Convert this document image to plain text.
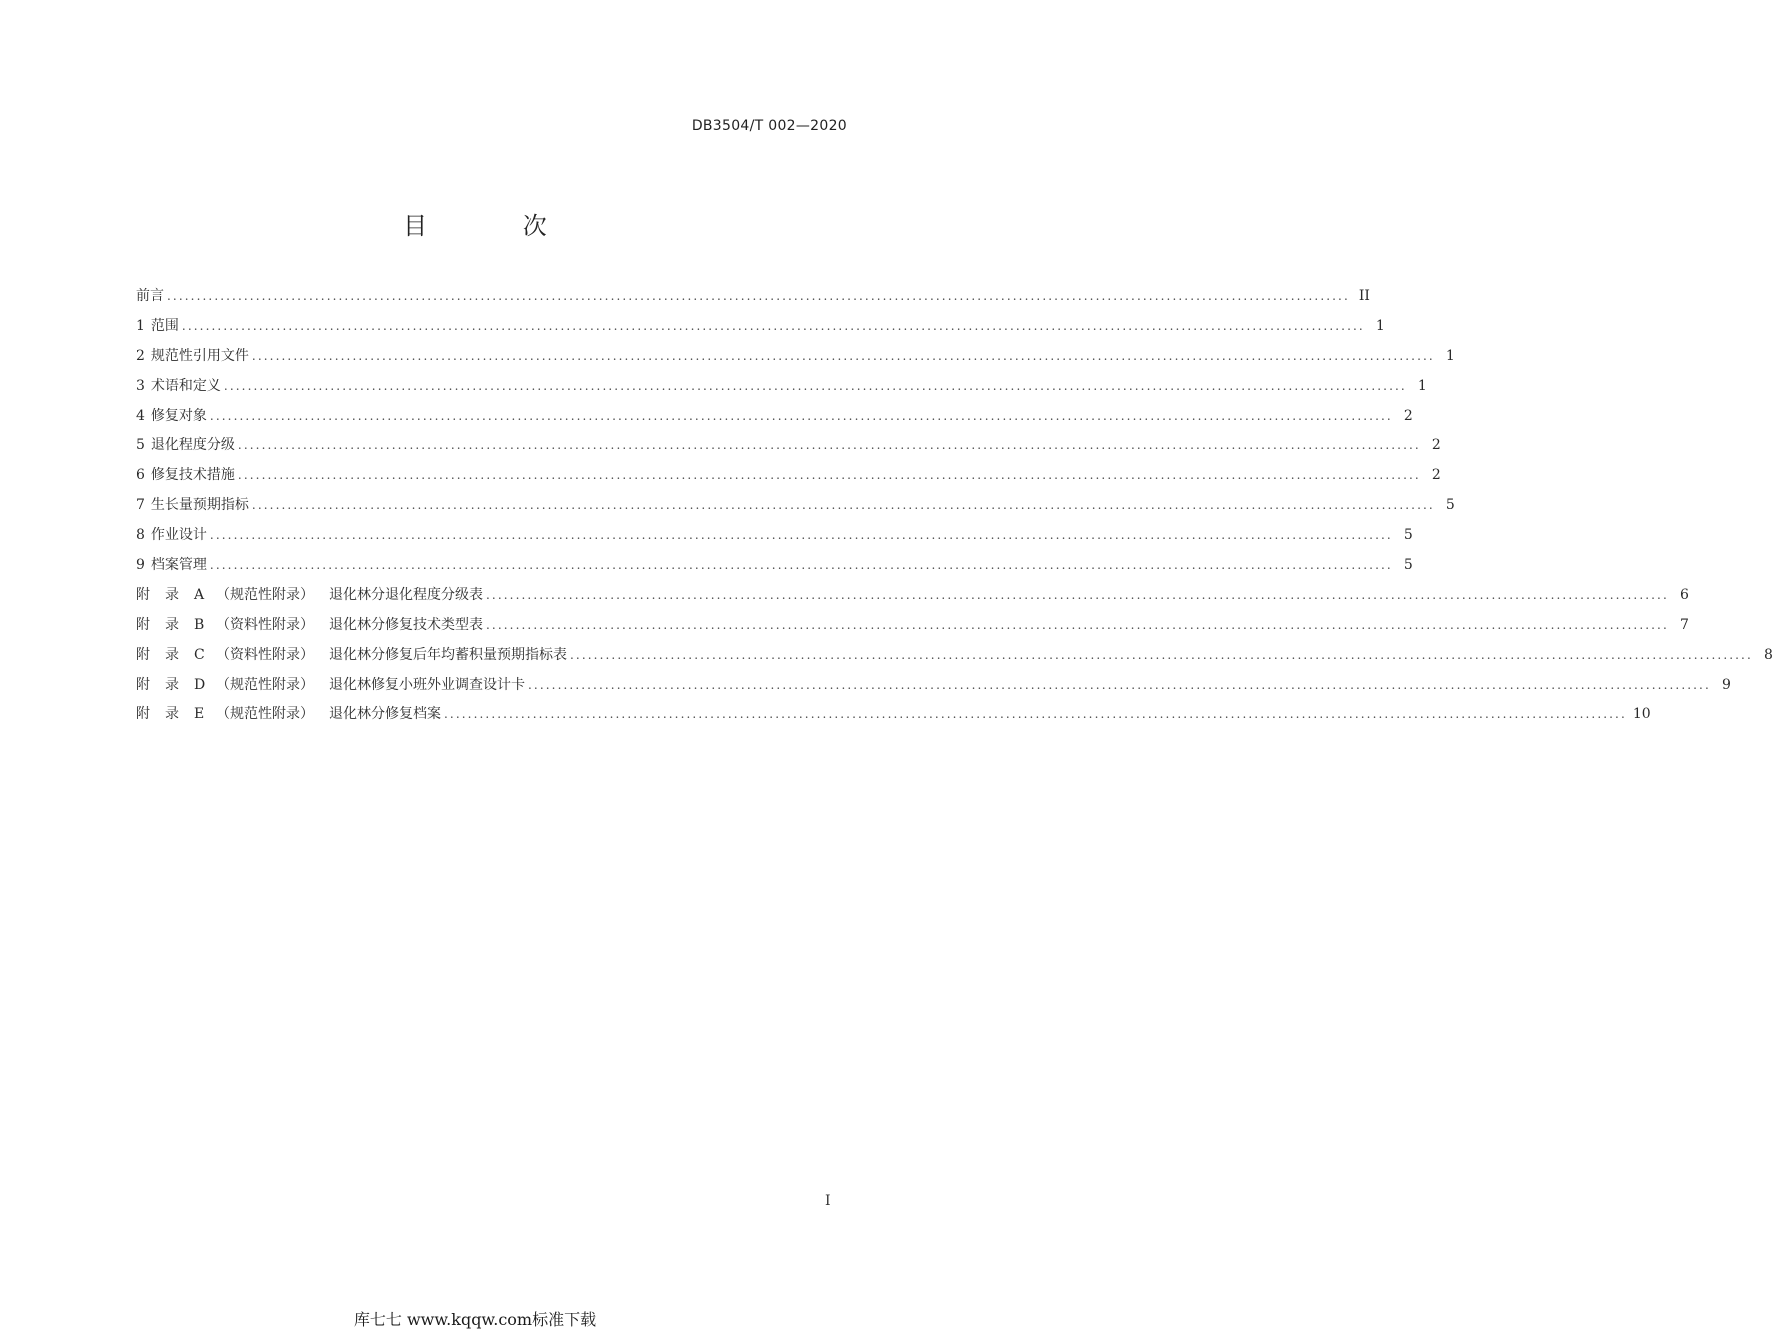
DB3504/T 002—2020
目 次
前言 ........................................................................................................................................................................................................ II
1 范围 ........................................................................................................................................................................................................ 1
2 规范性引用文件 ........................................................................................................................................................................................................ 1
3 术语和定义 ........................................................................................................................................................................................................ 1
4 修复对象 ........................................................................................................................................................................................................ 2
5 退化程度分级 ........................................................................................................................................................................................................ 2
6 修复技术措施 ........................................................................................................................................................................................................ 2
7 生长量预期指标 ........................................................................................................................................................................................................ 5
8 作业设计 ........................................................................................................................................................................................................ 5
9 档案管理 ........................................................................................................................................................................................................ 5
附 录 A （规范性附录） 退化林分退化程度分级表 ........................................................................................................................................................................................................ 6
附 录 B （资料性附录） 退化林分修复技术类型表 ........................................................................................................................................................................................................ 7
附 录 C （资料性附录） 退化林分修复后年均蓄积量预期指标表 ........................................................................................................................................................................................................ 8
附 录 D （规范性附录） 退化林修复小班外业调查设计卡 ........................................................................................................................................................................................................ 9
附 录 E （规范性附录） 退化林分修复档案 ........................................................................................................................................................................................................ 10
I
库七七 www.kqqw.com标准下载
